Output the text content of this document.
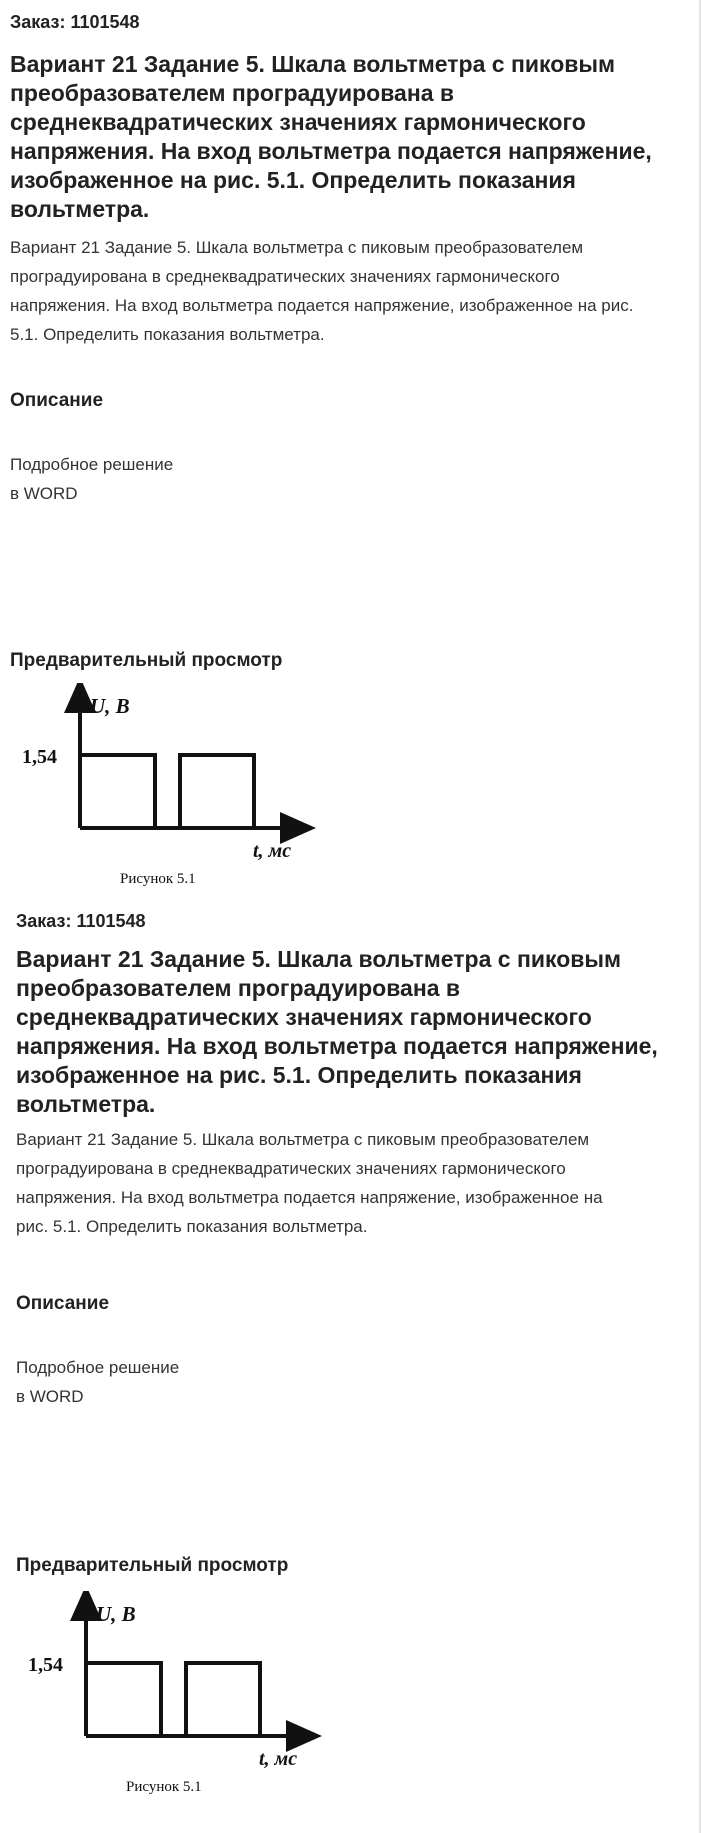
Заказ: 1101548
Вариант 21 Задание 5. Шкала вольтметра с пиковым преобразователем проградуирована в среднеквадратических значениях гармонического напряжения. На вход вольтметра подается напряжение, изображенное на рис. 5.1. Определить показания вольтметра.

Вариант 21 Задание 5. Шкала вольтметра с пиковым преобразователем проградуирована в среднеквадратических значениях гармонического напряжения. На вход вольтметра подается напряжение, изображенное на рис. 5.1. Определить показания вольтметра.

Описание
Подробное решение
в WORD
Предварительный просмотр
U, В
1,54
t, мс
Рисунок 5.1
Заказ: 1101548
Вариант 21 Задание 5. Шкала вольтметра с пиковым преобразователем проградуирована в среднеквадратических значениях гармонического напряжения. На вход вольтметра подается напряжение, изображенное на рис. 5.1. Определить показания вольтметра.

Вариант 21 Задание 5. Шкала вольтметра с пиковым преобразователем проградуирована в среднеквадратических значениях гармонического напряжения. На вход вольтметра подается напряжение, изображенное на рис. 5.1. Определить показания вольтметра.

Описание
Подробное решение
в WORD
Предварительный просмотр
U, В
1,54
t, мс
Рисунок 5.1
